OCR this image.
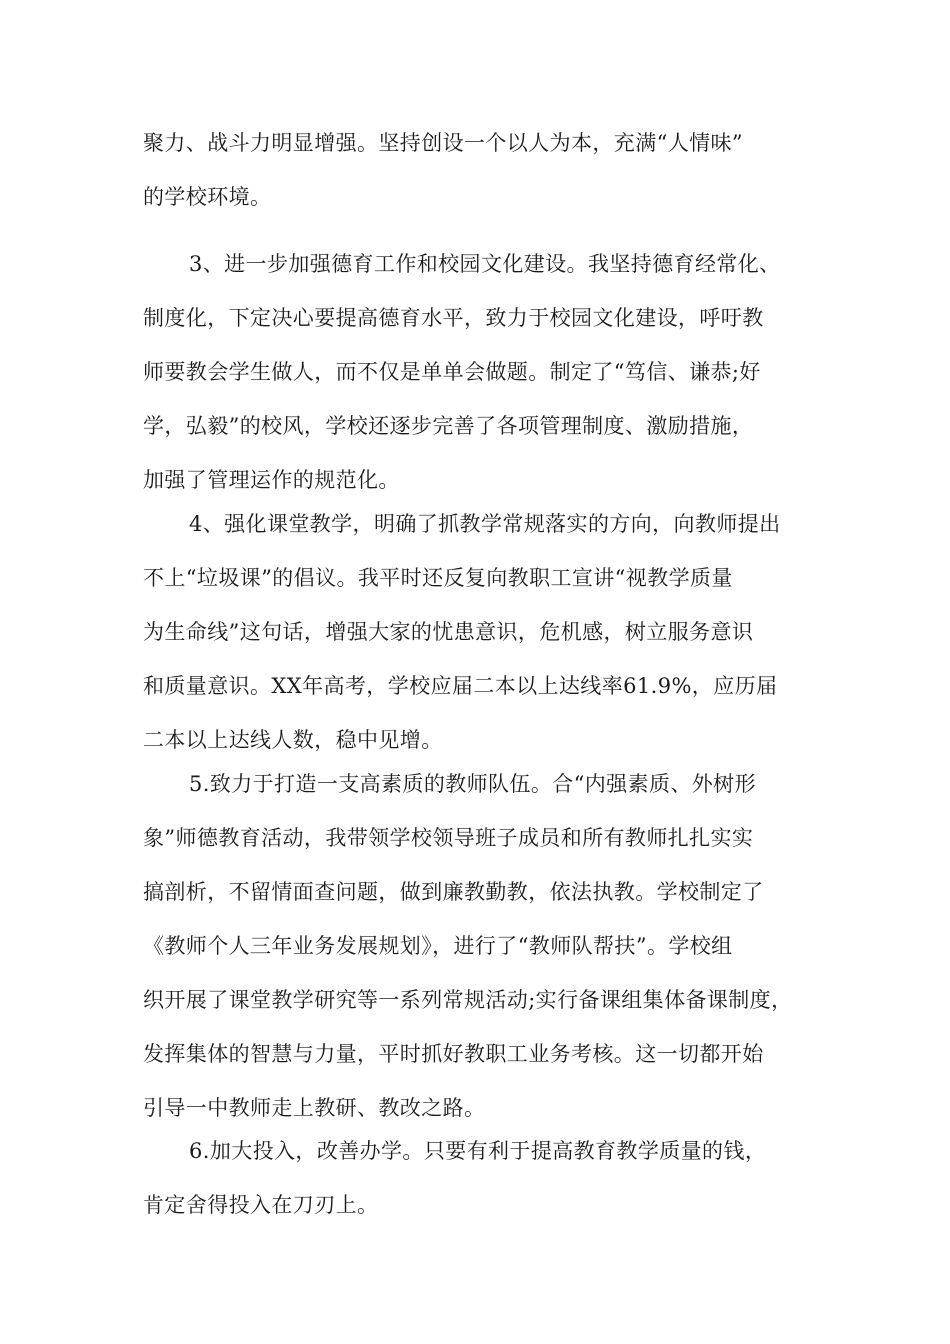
聚力、战斗力明显增强。坚持创设一个以人为本，充满“人情味”
的学校环境。
3、进一步加强德育工作和校园文化建设。我坚持德育经常化、
制度化，下定决心要提高德育水平，致力于校园文化建设，呼吁教
师要教会学生做人，而不仅是单单会做题。制定了“笃信、谦恭;好
学，弘毅”的校风，学校还逐步完善了各项管理制度、激励措施，
加强了管理运作的规范化。
4、强化课堂教学，明确了抓教学常规落实的方向，向教师提出
不上“垃圾课”的倡议。我平时还反复向教职工宣讲“视教学质量
为生命线”这句话，增强大家的忧患意识，危机感，树立服务意识
和质量意识。XX年高考，学校应届二本以上达线率61.9%，应历届
二本以上达线人数，稳中见增。
5.致力于打造一支高素质的教师队伍。合“内强素质、外树形
象”师德教育活动，我带领学校领导班子成员和所有教师扎扎实实
搞剖析，不留情面查问题，做到廉教勤教，依法执教。学校制定了
《教师个人三年业务发展规划》，进行了“教师队帮扶”。学校组
织开展了课堂教学研究等一系列常规活动;实行备课组集体备课制度，
发挥集体的智慧与力量，平时抓好教职工业务考核。这一切都开始
引导一中教师走上教研、教改之路。
6.加大投入，改善办学。只要有利于提高教育教学质量的钱，
肯定舍得投入在刀刃上。
